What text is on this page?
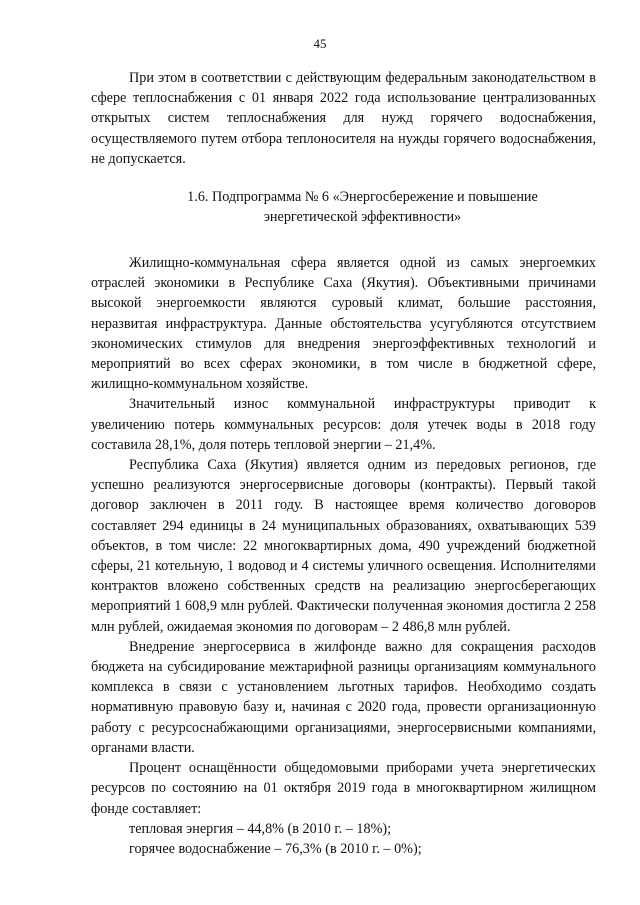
45

При этом в соответствии с действующим федеральным законодательством в сфере теплоснабжения с 01 января 2022 года использование централизованных открытых систем теплоснабжения для нужд горячего водоснабжения, осуществляемого путем отбора теплоносителя на нужды горячего водоснабжения, не допускается.

1.6. Подпрограмма № 6 «Энергосбережение и повышение
энергетической эффективности»

Жилищно-коммунальная сфера является одной из самых энергоемких отраслей экономики в Республике Саха (Якутия). Объективными причинами высокой энергоемкости являются суровый климат, большие расстояния, неразвитая инфраструктура. Данные обстоятельства усугубляются отсутствием экономических стимулов для внедрения энергоэффективных технологий и мероприятий во всех сферах экономики, в том числе в бюджетной сфере, жилищно-коммунальном хозяйстве.

Значительный износ коммунальной инфраструктуры приводит к увеличению потерь коммунальных ресурсов: доля утечек воды в 2018 году составила 28,1%, доля потерь тепловой энергии – 21,4%.

Республика Саха (Якутия) является одним из передовых регионов, где успешно реализуются энергосервисные договоры (контракты). Первый такой договор заключен в 2011 году. В настоящее время количество договоров составляет 294 единицы в 24 муниципальных образованиях, охватывающих 539 объектов, в том числе: 22 многоквартирных дома, 490 учреждений бюджетной сферы, 21 котельную, 1 водовод и 4 системы уличного освещения. Исполнителями контрактов вложено собственных средств на реализацию энергосберегающих мероприятий 1 608,9 млн рублей. Фактически полученная экономия достигла 2 258 млн рублей, ожидаемая экономия по договорам – 2 486,8 млн рублей.

Внедрение энергосервиса в жилфонде важно для сокращения расходов бюджета на субсидирование межтарифной разницы организациям коммунального комплекса в связи с установлением льготных тарифов. Необходимо создать нормативную правовую базу и, начиная с 2020 года, провести организационную работу с ресурсоснабжающими организациями, энергосервисными компаниями, органами власти.

Процент оснащённости общедомовыми приборами учета энергетических ресурсов по состоянию на 01 октября 2019 года в многоквартирном жилищном фонде составляет:

тепловая энергия – 44,8% (в 2010 г. – 18%);

горячее водоснабжение – 76,3% (в 2010 г. – 0%);
